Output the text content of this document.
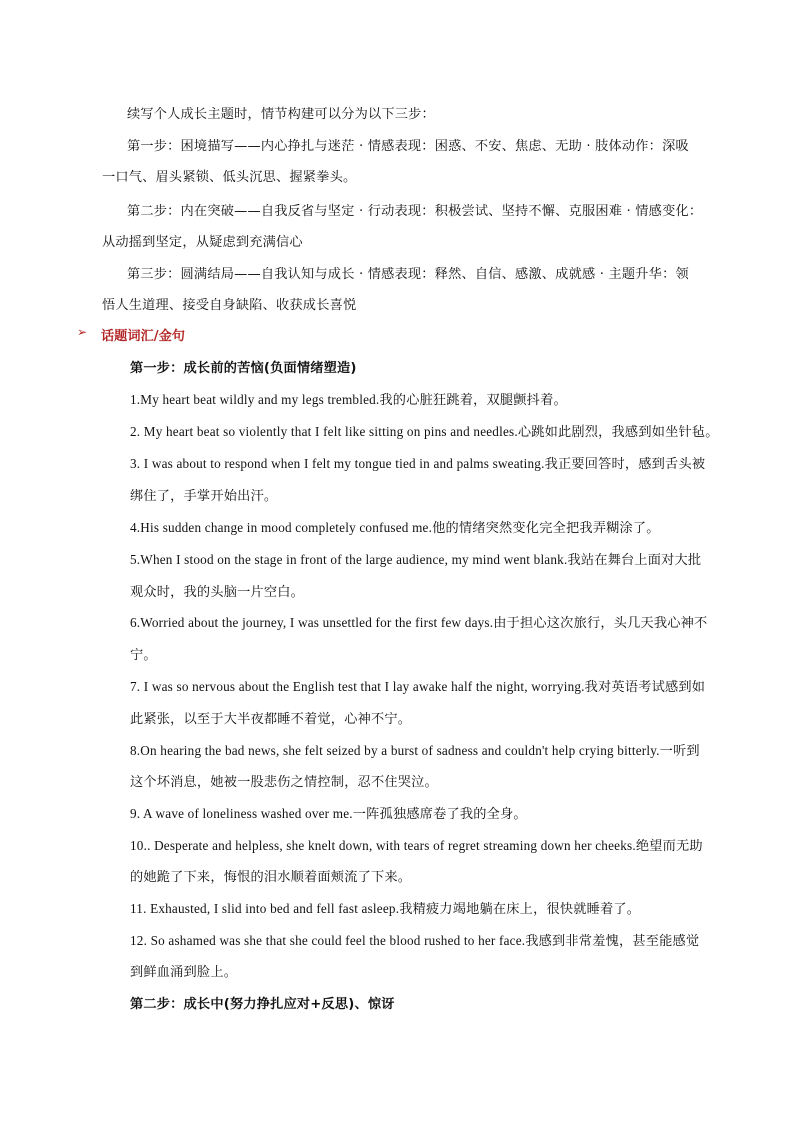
续写个人成长主题时，情节构建可以分为以下三步：
第一步：困境描写——内心挣扎与迷茫 · 情感表现：困惑、不安、焦虑、无助 · 肢体动作：深吸
一口气、眉头紧锁、低头沉思、握紧拳头。
第二步：内在突破——自我反省与坚定 · 行动表现：积极尝试、坚持不懈、克服困难 · 情感变化：
从动摇到坚定，从疑虑到充满信心
第三步：圆满结局——自我认知与成长 · 情感表现：释然、自信、感激、成就感 · 主题升华：领
悟人生道理、接受自身缺陷、收获成长喜悦
➢ 话题词汇/金句
第一步：成长前的苦恼(负面情绪塑造)
1.My heart beat wildly and my legs trembled.我的心脏狂跳着，双腿颤抖着。
2. My heart beat so violently that I felt like sitting on pins and needles.心跳如此剧烈，我感到如坐针毡。
3. I was about to respond when I felt my tongue tied in and palms sweating.我正要回答时，感到舌头被
绑住了，手掌开始出汗。
4.His sudden change in mood completely confused me.他的情绪突然变化完全把我弄糊涂了。
5.When I stood on the stage in front of the large audience, my mind went blank.我站在舞台上面对大批
观众时，我的头脑一片空白。
6.Worried about the journey, I was unsettled for the first few days.由于担心这次旅行，头几天我心神不
宁。
7. I was so nervous about the English test that I lay awake half the night, worrying.我对英语考试感到如
此紧张，以至于大半夜都睡不着觉，心神不宁。
8.On hearing the bad news, she felt seized by a burst of sadness and couldn't help crying bitterly.一听到
这个坏消息，她被一股悲伤之情控制，忍不住哭泣。
9. A wave of loneliness washed over me.一阵孤独感席卷了我的全身。
10.. Desperate and helpless, she knelt down, with tears of regret streaming down her cheeks.绝望而无助
的她跪了下来，悔恨的泪水顺着面颊流了下来。
11. Exhausted, I slid into bed and fell fast asleep.我精疲力竭地躺在床上，很快就睡着了。
12. So ashamed was she that she could feel the blood rushed to her face.我感到非常羞愧，甚至能感觉
到鲜血涌到脸上。
第二步：成长中(努力挣扎应对+反思)、惊讶
